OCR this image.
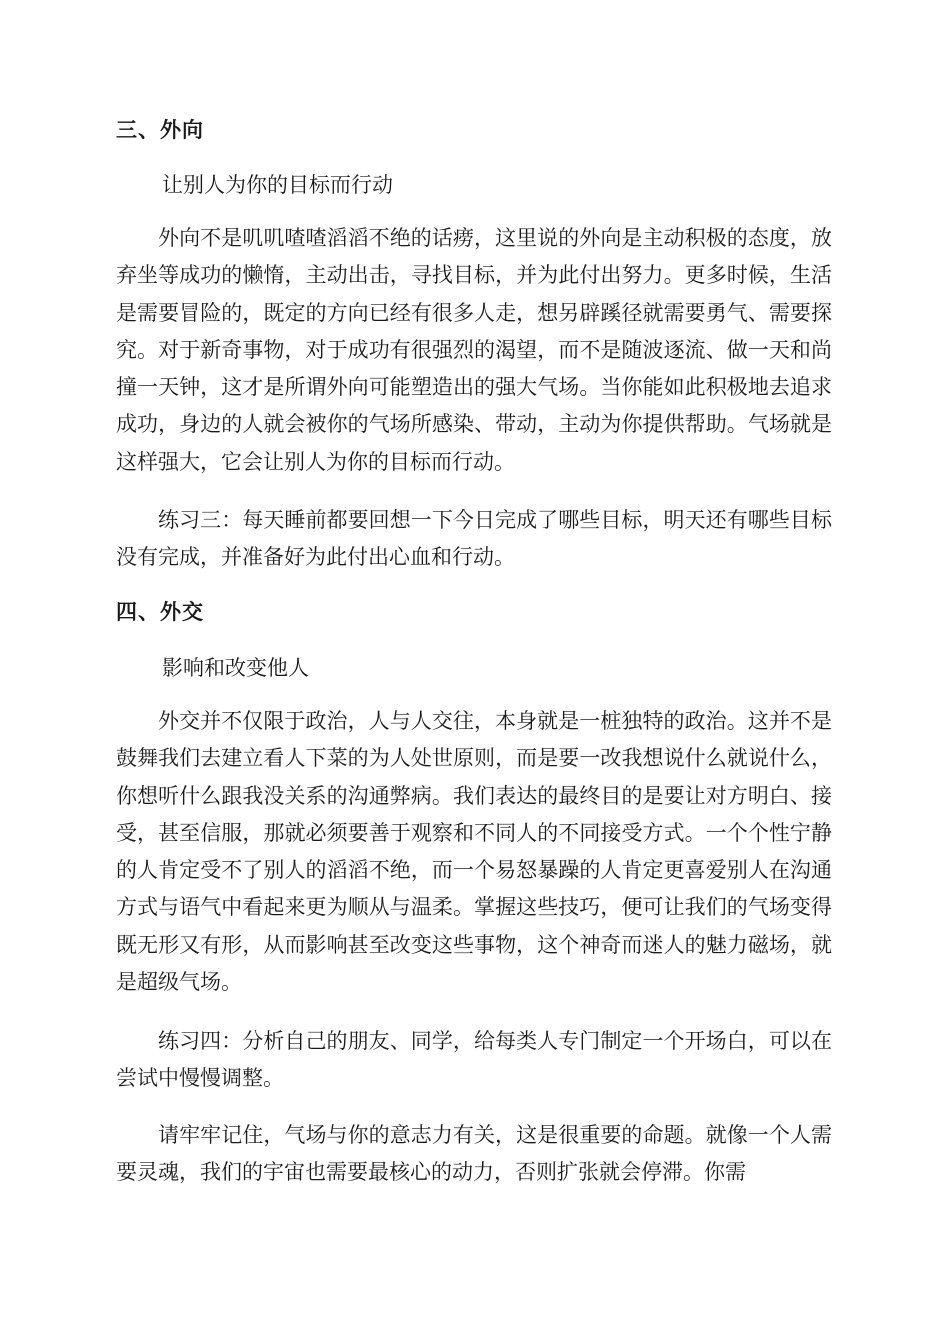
三、外向
让别人为你的目标而行动

外向不是叽叽喳喳滔滔不绝的话痨，这里说的外向是主动积极的态度，放弃坐等成功的懒惰，主动出击，寻找目标，并为此付出努力。更多时候，生活是需要冒险的，既定的方向已经有很多人走，想另辟蹊径就需要勇气、需要探究。对于新奇事物，对于成功有很强烈的渴望，而不是随波逐流、做一天和尚撞一天钟，这才是所谓外向可能塑造出的强大气场。当你能如此积极地去追求成功，身边的人就会被你的气场所感染、带动，主动为你提供帮助。气场就是这样强大，它会让别人为你的目标而行动。

练习三：每天睡前都要回想一下今日完成了哪些目标，明天还有哪些目标没有完成，并准备好为此付出心血和行动。

四、外交
影响和改变他人

外交并不仅限于政治，人与人交往，本身就是一桩独特的政治。这并不是鼓舞我们去建立看人下菜的为人处世原则，而是要一改我想说什么就说什么，你想听什么跟我没关系的沟通弊病。我们表达的最终目的是要让对方明白、接受，甚至信服，那就必须要善于观察和不同人的不同接受方式。一个个性宁静的人肯定受不了别人的滔滔不绝，而一个易怒暴躁的人肯定更喜爱别人在沟通方式与语气中看起来更为顺从与温柔。掌握这些技巧，便可让我们的气场变得既无形又有形，从而影响甚至改变这些事物，这个神奇而迷人的魅力磁场，就是超级气场。

练习四：分析自己的朋友、同学，给每类人专门制定一个开场白，可以在尝试中慢慢调整。

请牢牢记住，气场与你的意志力有关，这是很重要的命题。就像一个人需要灵魂，我们的宇宙也需要最核心的动力，否则扩张就会停滞。你需
